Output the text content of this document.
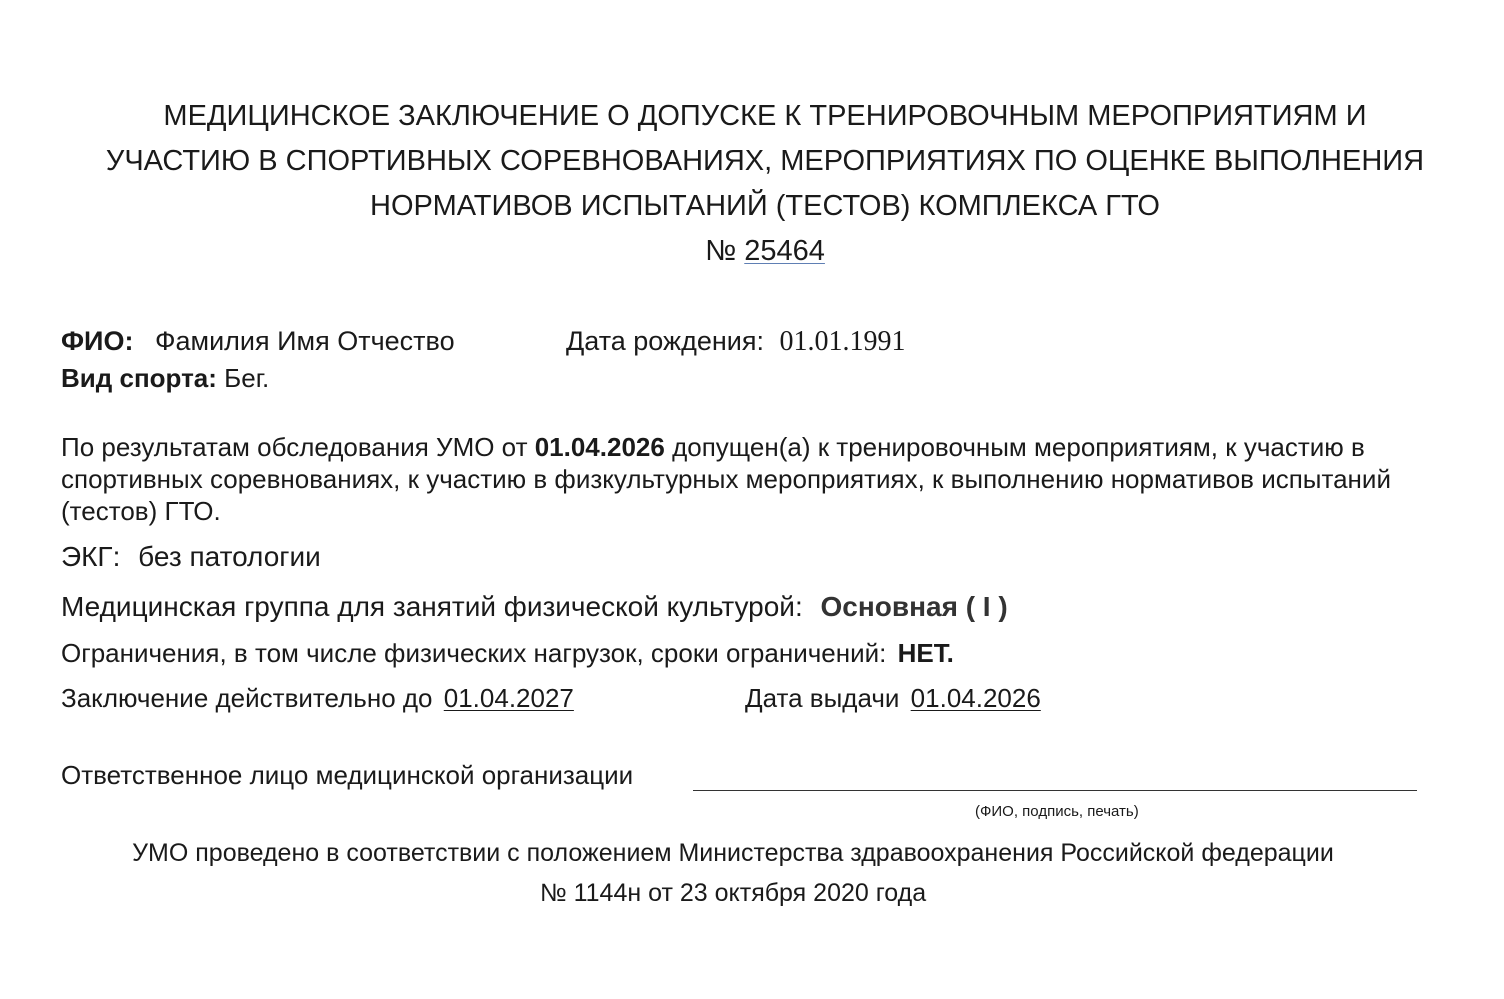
МЕДИЦИНСКОЕ ЗАКЛЮЧЕНИЕ О ДОПУСКЕ К ТРЕНИРОВОЧНЫМ МЕРОПРИЯТИЯМ И
УЧАСТИЮ В СПОРТИВНЫХ СОРЕВНОВАНИЯХ, МЕРОПРИЯТИЯХ ПО ОЦЕНКЕ ВЫПОЛНЕНИЯ
НОРМАТИВОВ ИСПЫТАНИЙ (ТЕСТОВ) КОМПЛЕКСА ГТО
№ 25464
ФИО: Фамилия Имя Отчество	Дата рождения: 01.01.1991
Вид спорта: Бег.
По результатам обследования УМО от 01.04.2026 допущен(а) к тренировочным мероприятиям, к участию в спортивных соревнованиях, к участию в физкультурных мероприятиях, к выполнению нормативов испытаний (тестов) ГТО.
ЭКГ: без патологии
Медицинская группа для занятий физической культурой: Основная ( I )
Ограничения, в том числе физических нагрузок, сроки ограничений: НЕТ.
Заключение действительно до 01.04.2027	Дата выдачи 01.04.2026
Ответственное лицо медицинской организации
(ФИО, подпись, печать)
УМО проведено в соответствии с положением Министерства здравоохранения Российской федерации
№ 1144н от 23 октября 2020 года
